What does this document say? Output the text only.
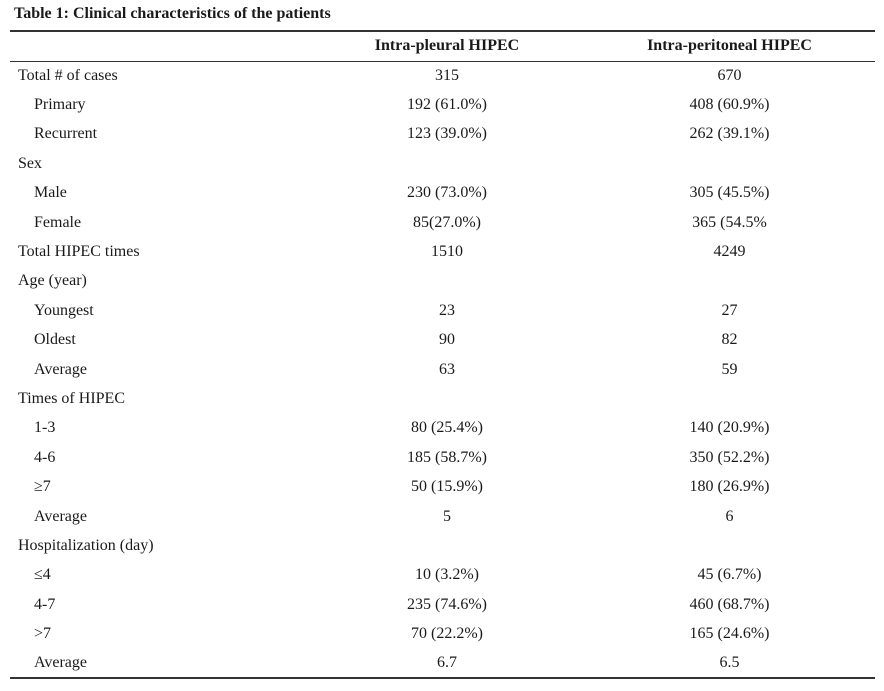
Table 1: Clinical characteristics of the patients
	Intra-pleural HIPEC	Intra-peritoneal HIPEC
Total # of cases	315	670
Primary	192 (61.0%)	408 (60.9%)
Recurrent	123 (39.0%)	262 (39.1%)
Sex		
Male	230 (73.0%)	305 (45.5%)
Female	85(27.0%)	365 (54.5%
Total HIPEC times	1510	4249
Age (year)		
Youngest	23	27
Oldest	90	82
Average	63	59
Times of HIPEC		
1-3	80 (25.4%)	140 (20.9%)
4-6	185 (58.7%)	350 (52.2%)
≥7	50 (15.9%)	180 (26.9%)
Average	5	6
Hospitalization (day)		
≤4	10 (3.2%)	45 (6.7%)
4-7	235 (74.6%)	460 (68.7%)
>7	70 (22.2%)	165 (24.6%)
Average	6.7	6.5
